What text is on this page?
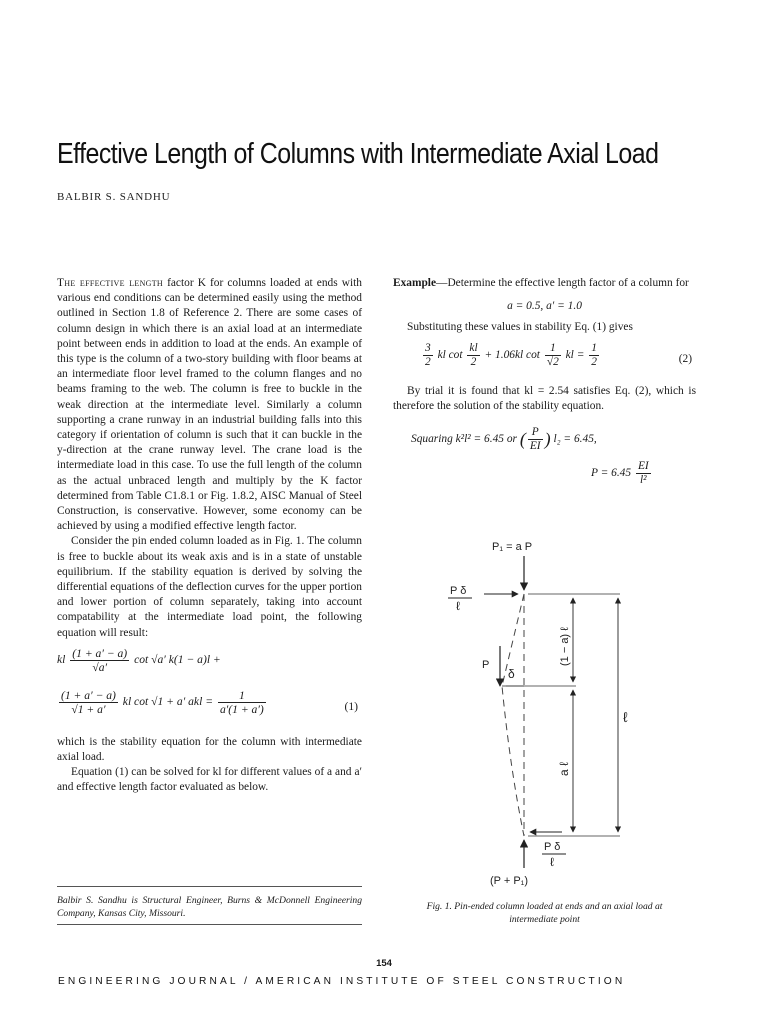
Effective Length of Columns with Intermediate Axial Load
BALBIR S. SANDHU

The effective length factor K for columns loaded at ends with various end conditions can be determined easily using the method outlined in Section 1.8 of Reference 2. There are some cases of column design in which there is an axial load at an intermediate point between ends in addition to load at the ends. An example of this type is the column of a two-story building with floor beams at an intermediate floor level framed to the column flanges and no beams framing to the web. The column is free to buckle in the weak direction at the intermediate level. Similarly a column supporting a crane runway in an industrial building falls into this category if orientation of column is such that it can buckle in the y-direction at the crane runway level. The crane load is the intermediate load in this case. To use the full length of the column as the actual unbraced length and multiply by the K factor determined from Table C1.8.1 or Fig. 1.8.2, AISC Manual of Steel Construction, is conservative. However, some economy can be achieved by using a modified effective length factor.

Consider the pin ended column loaded as in Fig. 1. The column is free to buckle about its weak axis and is in a state of unstable equilibrium. If the stability equation is derived by solving the differential equations of the deflection curves for the upper portion and lower portion of column separately, taking into account compatability at the intermediate load point, the following equation will result:

kl $\frac{(1 + a' - a)}{√a'}$ cot √a′ k(1 − a)l +
$\frac{(1 + a' - a)}{√1 + a'}$ kl cot √1 + a′ akl = $\frac{1}{a'(1 + a')}$	(1)

which is the stability equation for the column with intermediate axial load.

Equation (1) can be solved for kl for different values of a and a′ and effective length factor evaluated as below.

Example—Determine the effective length factor of a column for

a = 0.5, a′ = 1.0

Substituting these values in stability Eq. (1) gives

$\frac{3}{2}$ kl $\cot \frac{kl}{2} + 1.06kl$ $\cot \frac{1}{√2}$ kl = $\frac{1}{2}$	(2)

By trial it is found that kl = 2.54 satisfies Eq. (2), which is therefore the solution of the stability equation.

Squaring k²l² = 6.45 or ( $\frac{P}{EI}$ ) l₂ = 6.45,
$P = 6.45 \frac{EI}{\text{l²}}$
P₁ = a P
P δ
ℓ
P
δ
(1 − a) ℓ
a ℓ
ℓ
P δ
ℓ
(P + P₁)
Fig. 1. Pin-ended column loaded at ends and an axial load at
intermediate point
Balbir S. Sandhu is Structural Engineer, Burns & McDonnell Engineering Company, Kansas City, Missouri.
154
ENGINEERING JOURNAL / AMERICAN INSTITUTE OF STEEL CONSTRUCTION
